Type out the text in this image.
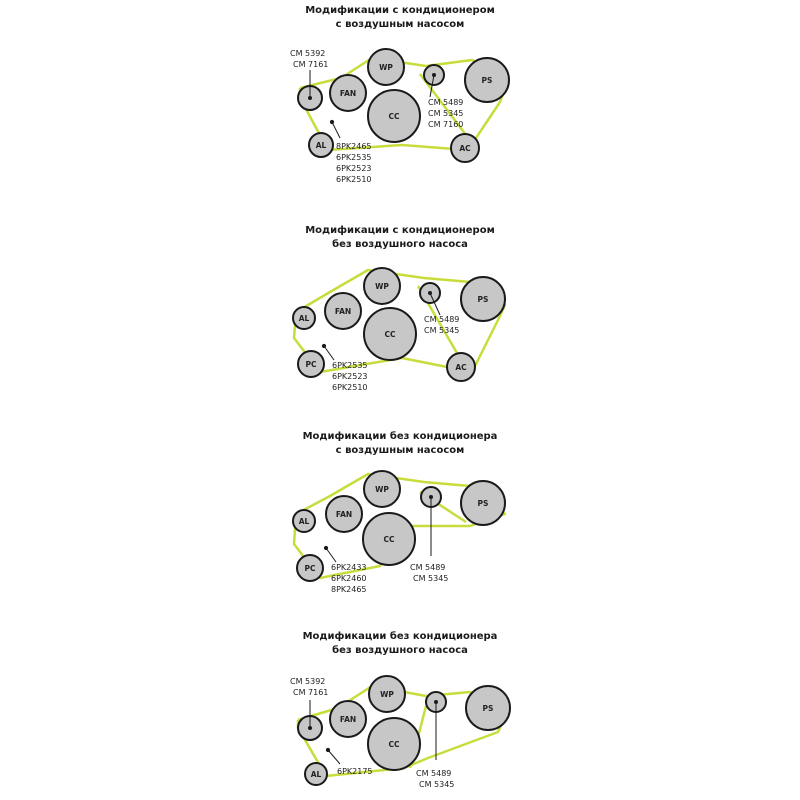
Модификации с кондиционером

с воздушным насосом

FAN
WP
PS
CC
AL	AC
CM 5392
CM 7161
CM 5489
CM 5345
CM 7160
8PK2465
6PK2535
6PK2523
6PK2510

Модификации с кондиционером

без воздушного насоса

AL
FAN
WP
PS
CC
PC	AC
CM 5489
CM 5345
6PK2535
6PK2523
6PK2510

Модификации без кондиционера

с воздушным насосом

AL
FAN
WP
PS
CC
PC	CM 5489
CM 5345
6PK2433
6PK2460
8PK2465

Модификации без кондиционера

без воздушного насоса

FAN
WP
PS
CC
AL
CM 5392
CM 7161
CM 5489
CM 5345
6PK2175
